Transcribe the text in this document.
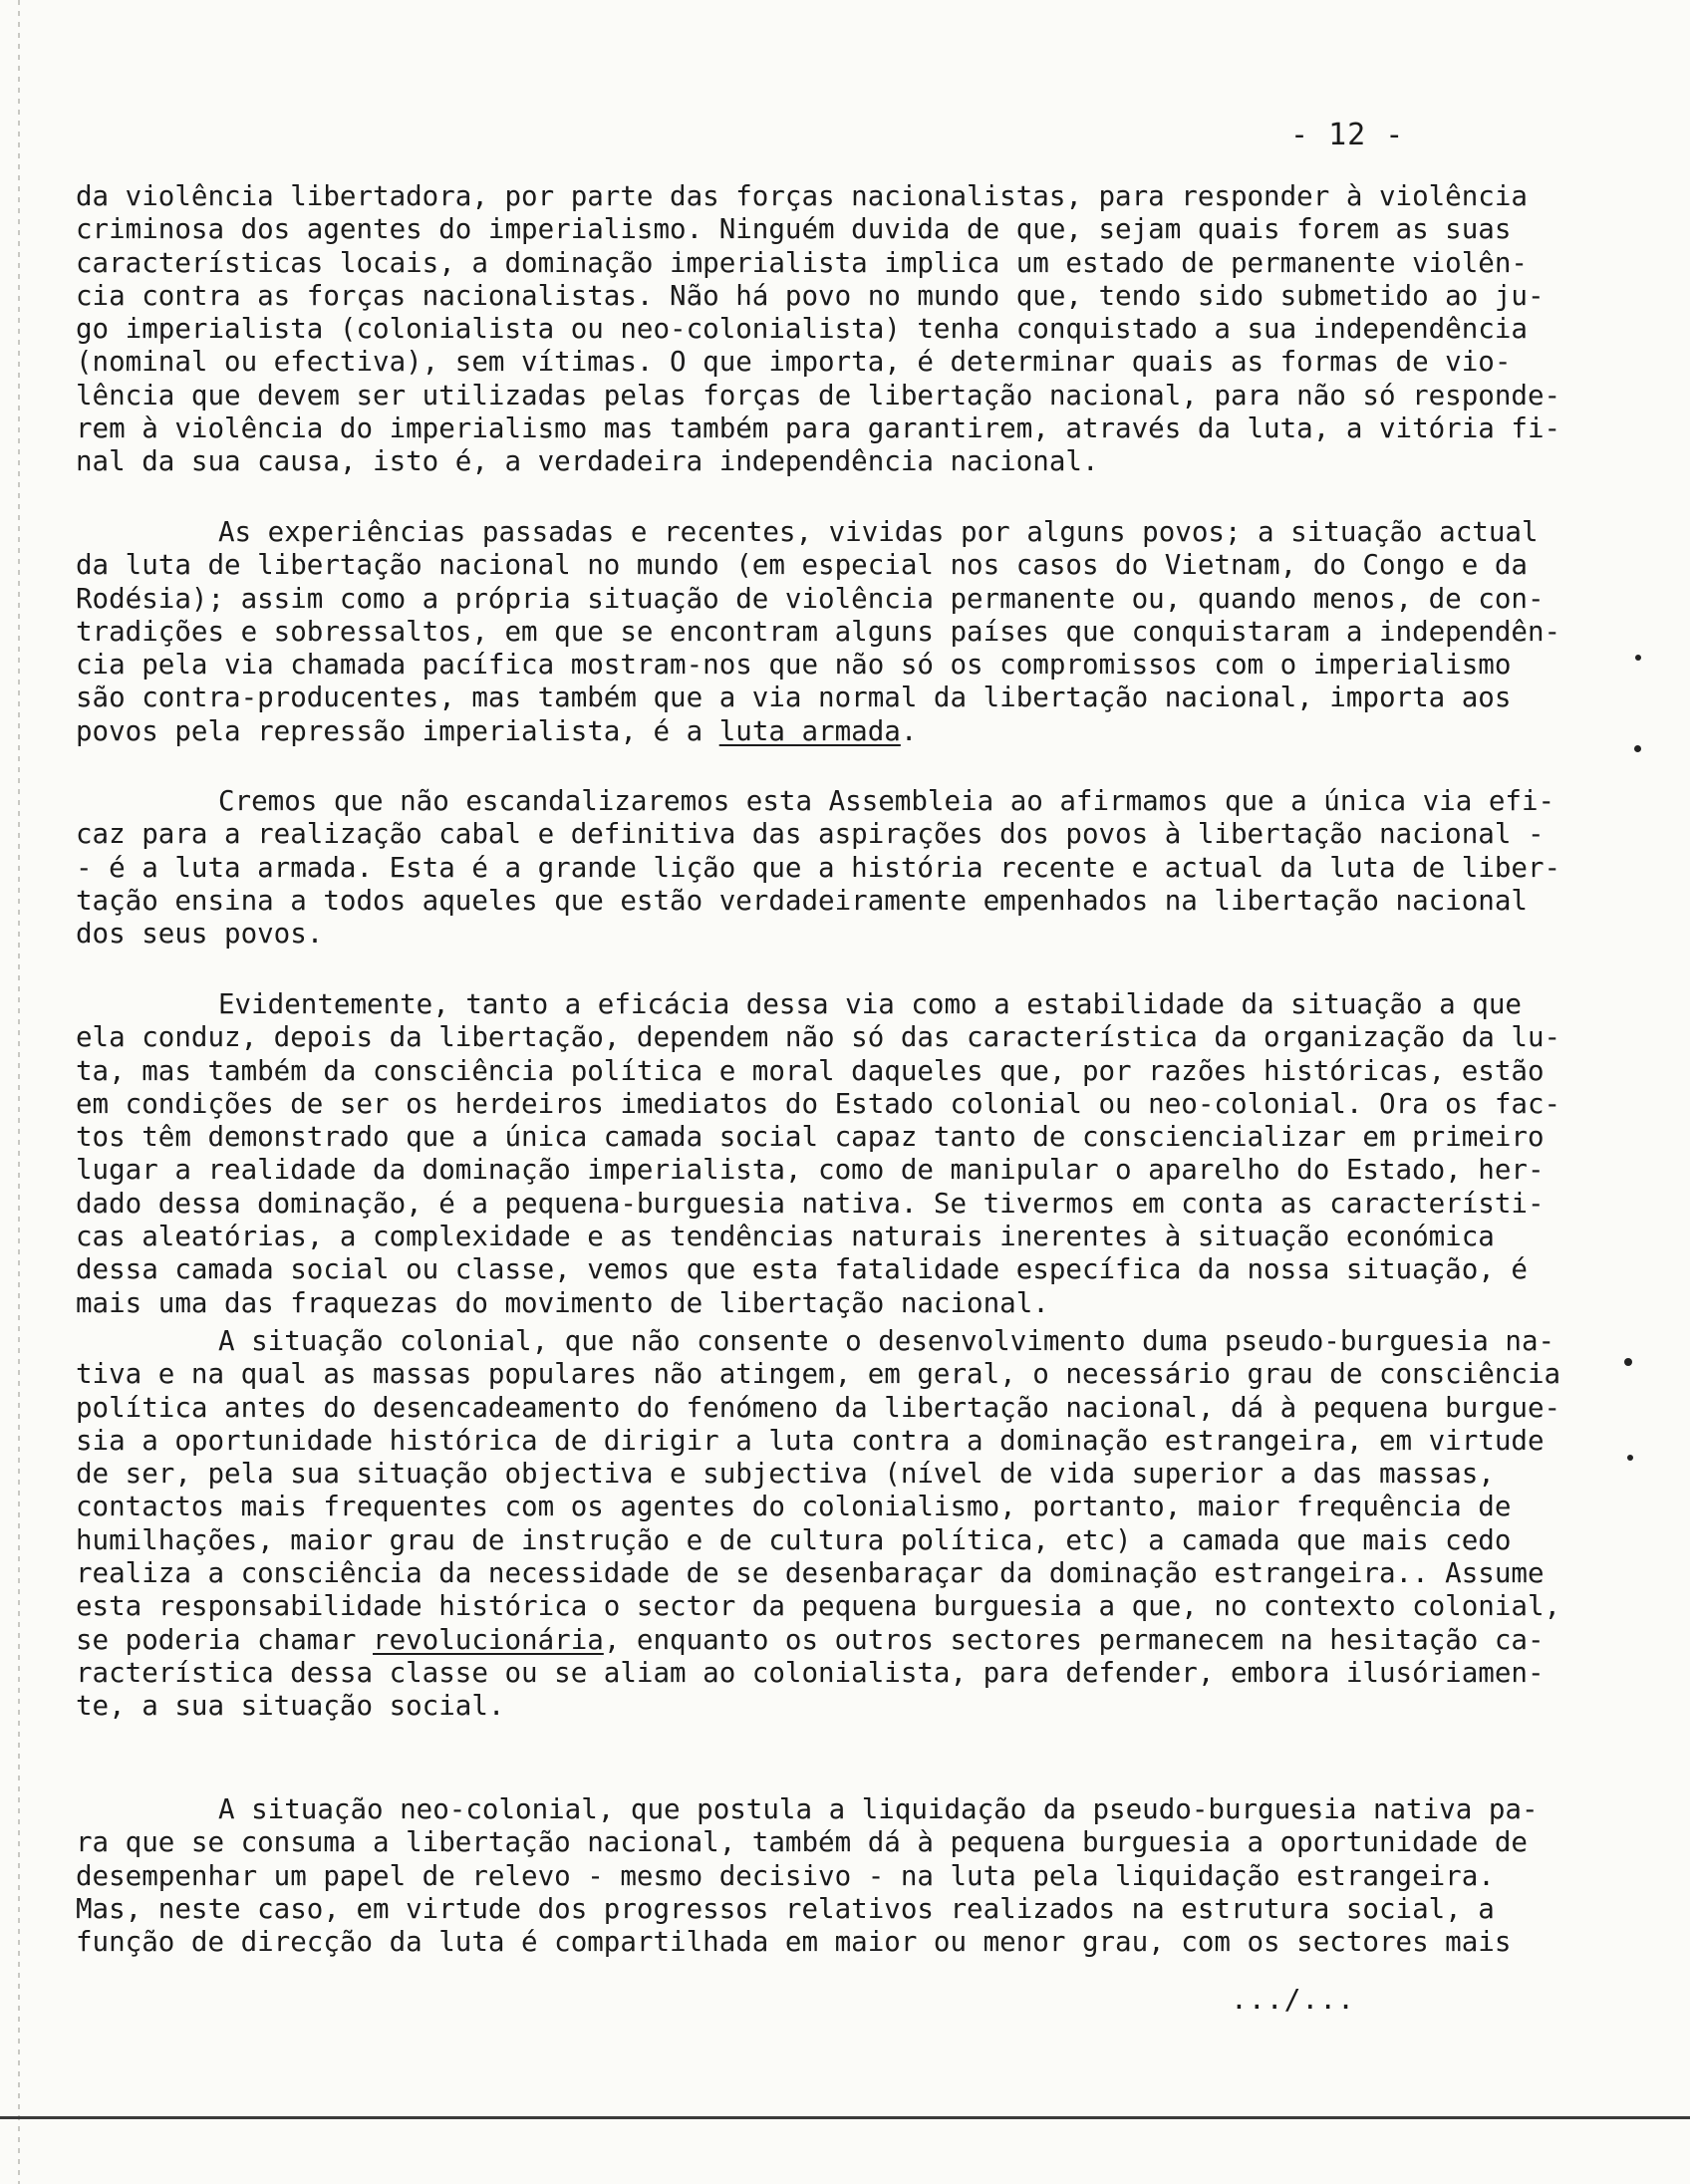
- 12 -
da violência libertadora, por parte das forças nacionalistas, para responder à violência
criminosa dos agentes do imperialismo. Ninguém duvida de que, sejam quais forem as suas
características locais, a dominação imperialista implica um estado de permanente violên-
cia contra as forças nacionalistas. Não há povo no mundo que, tendo sido submetido ao ju-
go imperialista (colonialista ou neo-colonialista) tenha conquistado a sua independência
(nominal ou efectiva), sem vítimas. O que importa, é determinar quais as formas de vio-
lência que devem ser utilizadas pelas forças de libertação nacional, para não só responde-
rem à violência do imperialismo mas também para garantirem, através da luta, a vitória fi-
nal da sua causa, isto é, a verdadeira independência nacional.
As experiências passadas e recentes, vividas por alguns povos; a situação actual
da luta de libertação nacional no mundo (em especial nos casos do Vietnam, do Congo e da
Rodésia); assim como a própria situação de violência permanente ou, quando menos, de con-
tradições e sobressaltos, em que se encontram alguns países que conquistaram a independên-
cia pela via chamada pacífica mostram-nos que não só os compromissos com o imperialismo
são contra-producentes, mas também que a via normal da libertação nacional, importa aos
povos pela repressão imperialista, é a luta armada.
Cremos que não escandalizaremos esta Assembleia ao afirmamos que a única via efi-
caz para a realização cabal e definitiva das aspirações dos povos à libertação nacional -
- é a luta armada. Esta é a grande lição que a história recente e actual da luta de liber-
tação ensina a todos aqueles que estão verdadeiramente empenhados na libertação nacional
dos seus povos.
Evidentemente, tanto a eficácia dessa via como a estabilidade da situação a que
ela conduz, depois da libertação, dependem não só das característica da organização da lu-
ta, mas também da consciência política e moral daqueles que, por razões históricas, estão
em condições de ser os herdeiros imediatos do Estado colonial ou neo-colonial. Ora os fac-
tos têm demonstrado que a única camada social capaz tanto de consciencializar em primeiro
lugar a realidade da dominação imperialista, como de manipular o aparelho do Estado, her-
dado dessa dominação, é a pequena-burguesia nativa. Se tivermos em conta as característi-
cas aleatórias, a complexidade e as tendências naturais inerentes à situação económica
dessa camada social ou classe, vemos que esta fatalidade específica da nossa situação, é
mais uma das fraquezas do movimento de libertação nacional.
A situação colonial, que não consente o desenvolvimento duma pseudo-burguesia na-
tiva e na qual as massas populares não atingem, em geral, o necessário grau de consciência
política antes do desencadeamento do fenómeno da libertação nacional, dá à pequena burgue-
sia a oportunidade histórica de dirigir a luta contra a dominação estrangeira, em virtude
de ser, pela sua situação objectiva e subjectiva (nível de vida superior a das massas,
contactos mais frequentes com os agentes do colonialismo, portanto, maior frequência de
humilhações, maior grau de instrução e de cultura política, etc) a camada que mais cedo
realiza a consciência da necessidade de se desenbaraçar da dominação estrangeira.. Assume
esta responsabilidade histórica o sector da pequena burguesia a que, no contexto colonial,
se poderia chamar revolucionária, enquanto os outros sectores permanecem na hesitação ca-
racterística dessa classe ou se aliam ao colonialista, para defender, embora ilusóriamen-
te, a sua situação social.
A situação neo-colonial, que postula a liquidação da pseudo-burguesia nativa pa-
ra que se consuma a libertação nacional, também dá à pequena burguesia a oportunidade de
desempenhar um papel de relevo - mesmo decisivo - na luta pela liquidação estrangeira.
Mas, neste caso, em virtude dos progressos relativos realizados na estrutura social, a
função de direcção da luta é compartilhada em maior ou menor grau, com os sectores mais
.../...
